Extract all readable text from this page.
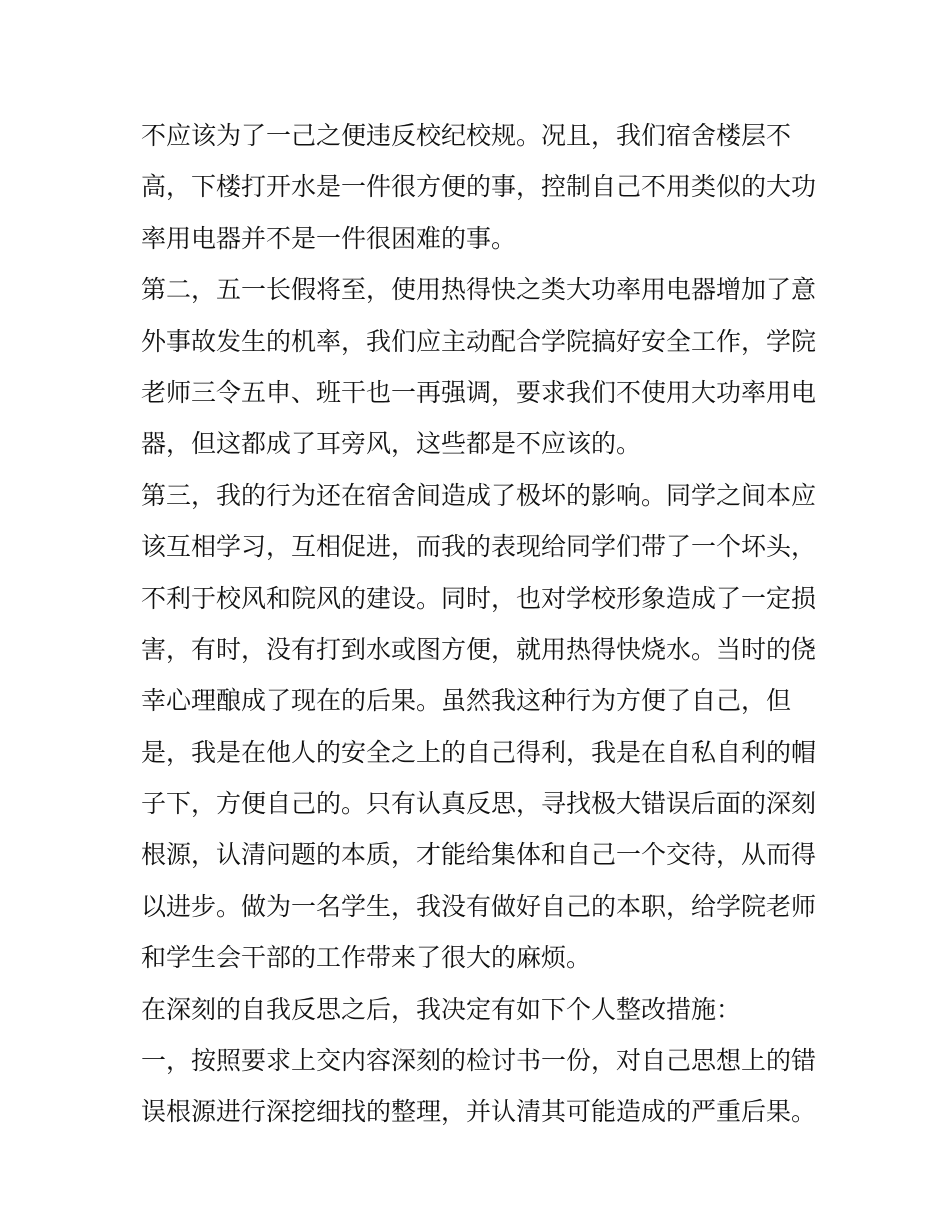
不应该为了一己之便违反校纪校规。况且，我们宿舍楼层不
高，下楼打开水是一件很方便的事，控制自己不用类似的大功
率用电器并不是一件很困难的事。
第二，五一长假将至，使用热得快之类大功率用电器增加了意
外事故发生的机率，我们应主动配合学院搞好安全工作，学院
老师三令五申、班干也一再强调，要求我们不使用大功率用电
器，但这都成了耳旁风，这些都是不应该的。
第三，我的行为还在宿舍间造成了极坏的影响。同学之间本应
该互相学习，互相促进，而我的表现给同学们带了一个坏头，
不利于校风和院风的建设。同时，也对学校形象造成了一定损
害，有时，没有打到水或图方便，就用热得快烧水。当时的侥
幸心理酿成了现在的后果。虽然我这种行为方便了自己，但
是，我是在他人的安全之上的自己得利，我是在自私自利的帽
子下，方便自己的。只有认真反思，寻找极大错误后面的深刻
根源，认清问题的本质，才能给集体和自己一个交待，从而得
以进步。做为一名学生，我没有做好自己的本职，给学院老师
和学生会干部的工作带来了很大的麻烦。
在深刻的自我反思之后，我决定有如下个人整改措施：
一，按照要求上交内容深刻的检讨书一份，对自己思想上的错
误根源进行深挖细找的整理，并认清其可能造成的严重后果。
